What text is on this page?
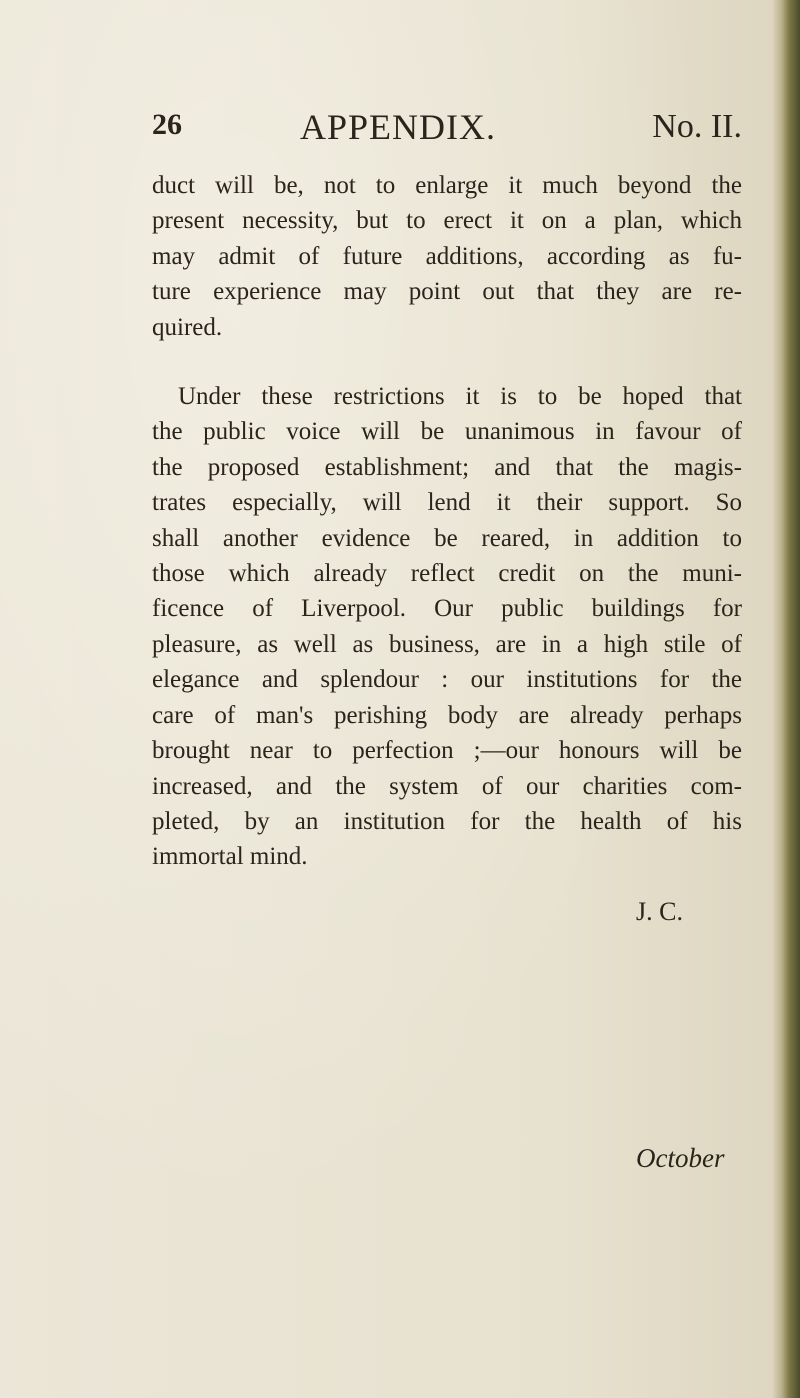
26	APPENDIX.	No. II.

duct will be, not to enlarge it much beyond the
present necessity, but to erect it on a plan, which
may admit of future additions, according as fu-
ture experience may point out that they are re-
quired.

Under these restrictions it is to be hoped that
the public voice will be unanimous in favour of
the proposed establishment; and that the magis-
trates especially, will lend it their support. So
shall another evidence be reared, in addition to
those which already reflect credit on the muni-
ficence of Liverpool. Our public buildings for
pleasure, as well as business, are in a high stile of
elegance and splendour : our institutions for the
care of man's perishing body are already perhaps
brought near to perfection ;—our honours will be
increased, and the system of our charities com-
pleted, by an institution for the health of his
immortal mind.

J. C.
October
